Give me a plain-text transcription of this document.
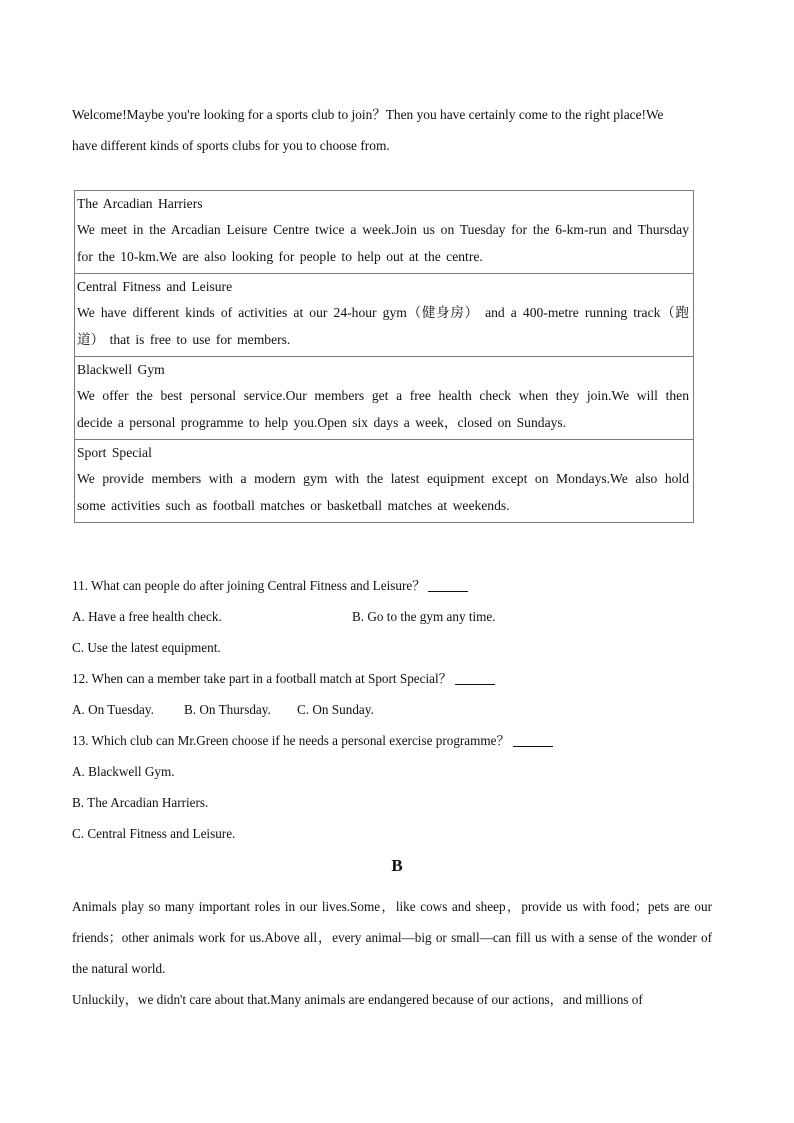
Welcome!Maybe you're looking for a sports club to join？Then you have certainly come to the right place!We

have different kinds of sports clubs for you to choose from.

The Arcadian Harriers
We meet in the Arcadian Leisure Centre twice a week.Join us on Tuesday for the 6-km-run and Thursday for the 10-km.We are also looking for people to help out at the centre.
Central Fitness and Leisure
We have different kinds of activities at our 24-hour gym（健身房） and a 400-metre running track（跑道） that is free to use for members.
Blackwell Gym
We offer the best personal service.Our members get a free health check when they join.We will then decide a personal programme to help you.Open six days a week，closed on Sundays.
Sport Special
We provide members with a modern gym with the latest equipment except on Mondays.We also hold some activities such as football matches or basketball matches at weekends.
11. What can people do after joining Central Fitness and Leisure？
A. Have a free health check.	B. Go to the gym any time.
C. Use the latest equipment.
12. When can a member take part in a football match at Sport Special？
A. On Tuesday. B. On Thursday. C. On Sunday.
13. Which club can Mr.Green choose if he needs a personal exercise programme？
A. Blackwell Gym.
B. The Arcadian Harriers.
C. Central Fitness and Leisure.
B

Animals play so many important roles in our lives.Some，like cows and sheep，provide us with food；pets are our friends；other animals work for us.Above all，every animal—big or small—can fill us with a sense of the wonder of the natural world.

Unluckily，we didn't care about that.Many animals are endangered because of our actions，and millions of
